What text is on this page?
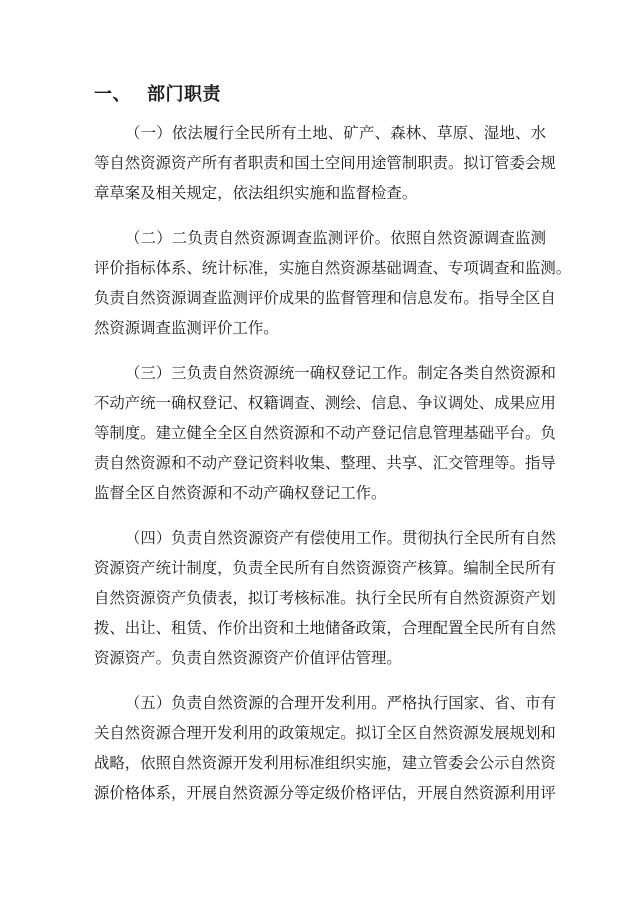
一、 部门职责

（一）依法履行全民所有土地、矿产、森林、草原、湿地、水
等自然资源资产所有者职责和国土空间用途管制职责。拟订管委会规
章草案及相关规定，依法组织实施和监督检查。

（二）二负责自然资源调查监测评价。依照自然资源调查监测
评价指标体系、统计标准，实施自然资源基础调查、专项调查和监测。
负责自然资源调查监测评价成果的监督管理和信息发布。指导全区自
然资源调查监测评价工作。

（三）三负责自然资源统一确权登记工作。制定各类自然资源和
不动产统一确权登记、权籍调查、测绘、信息、争议调处、成果应用
等制度。建立健全全区自然资源和不动产登记信息管理基础平台。负
责自然资源和不动产登记资料收集、整理、共享、汇交管理等。指导
监督全区自然资源和不动产确权登记工作。

（四）负责自然资源资产有偿使用工作。贯彻执行全民所有自然
资源资产统计制度，负责全民所有自然资源资产核算。编制全民所有
自然资源资产负债表，拟订考核标准。执行全民所有自然资源资产划
拨、出让、租赁、作价出资和土地储备政策，合理配置全民所有自然
资源资产。负责自然资源资产价值评估管理。

（五）负责自然资源的合理开发利用。严格执行国家、省、市有
关自然资源合理开发利用的政策规定。拟订全区自然资源发展规划和
战略，依照自然资源开发利用标准组织实施，建立管委会公示自然资
源价格体系，开展自然资源分等定级价格评估，开展自然资源利用评
